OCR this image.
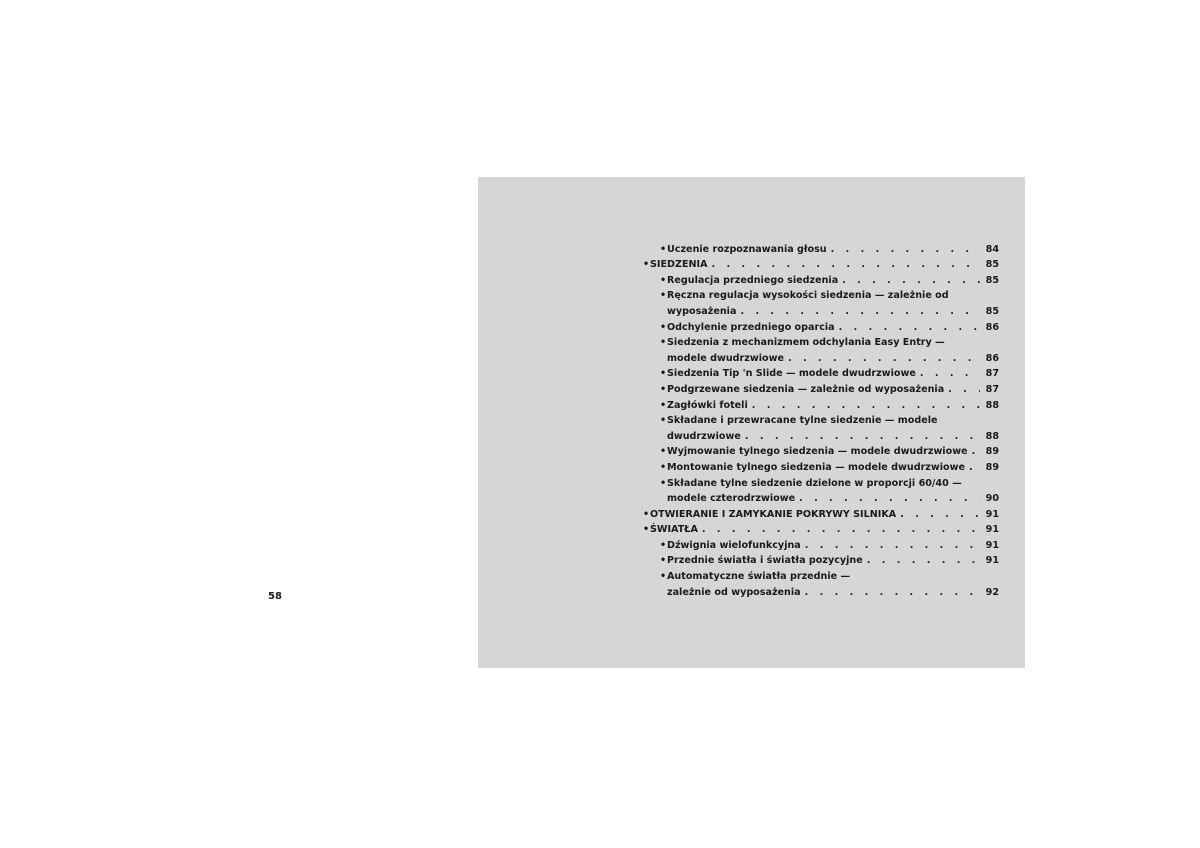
58
•
Uczenie rozpoznawania głosu . . .	84
•
SIEDZENIA . . .	85
•
Regulacja przedniego siedzenia . . .	85
•
Ręczna regulacja wysokości siedzenia — zależnie od
wyposażenia . . .	85
•
Odchylenie przedniego oparcia . . .	86
•
Siedzenia z mechanizmem odchylania Easy Entry —
modele dwudrzwiowe . . .	86
•
Siedzenia Tip 'n Slide — modele dwudrzwiowe . . .	87
•
Podgrzewane siedzenia — zależnie od wyposażenia . . .	87
•
Zagłówki foteli . . .	88
•
Składane i przewracane tylne siedzenie — modele
dwudrzwiowe . . .	88
•
Wyjmowanie tylnego siedzenia — modele dwudrzwiowe . . . 89
•
Montowanie tylnego siedzenia — modele dwudrzwiowe . . . 89
•
Składane tylne siedzenie dzielone w proporcji 60/40 —
modele czterodrzwiowe . . .	90
•
OTWIERANIE I ZAMYKANIE POKRYWY SILNIKA . . .	91
•
ŚWIATŁA . . .	91
•
Dźwignia wielofunkcyjna . . .	91
•
Przednie światła i światła pozycyjne . . .	91
•
Automatyczne światła przednie —
zależnie od wyposażenia . . .	92
